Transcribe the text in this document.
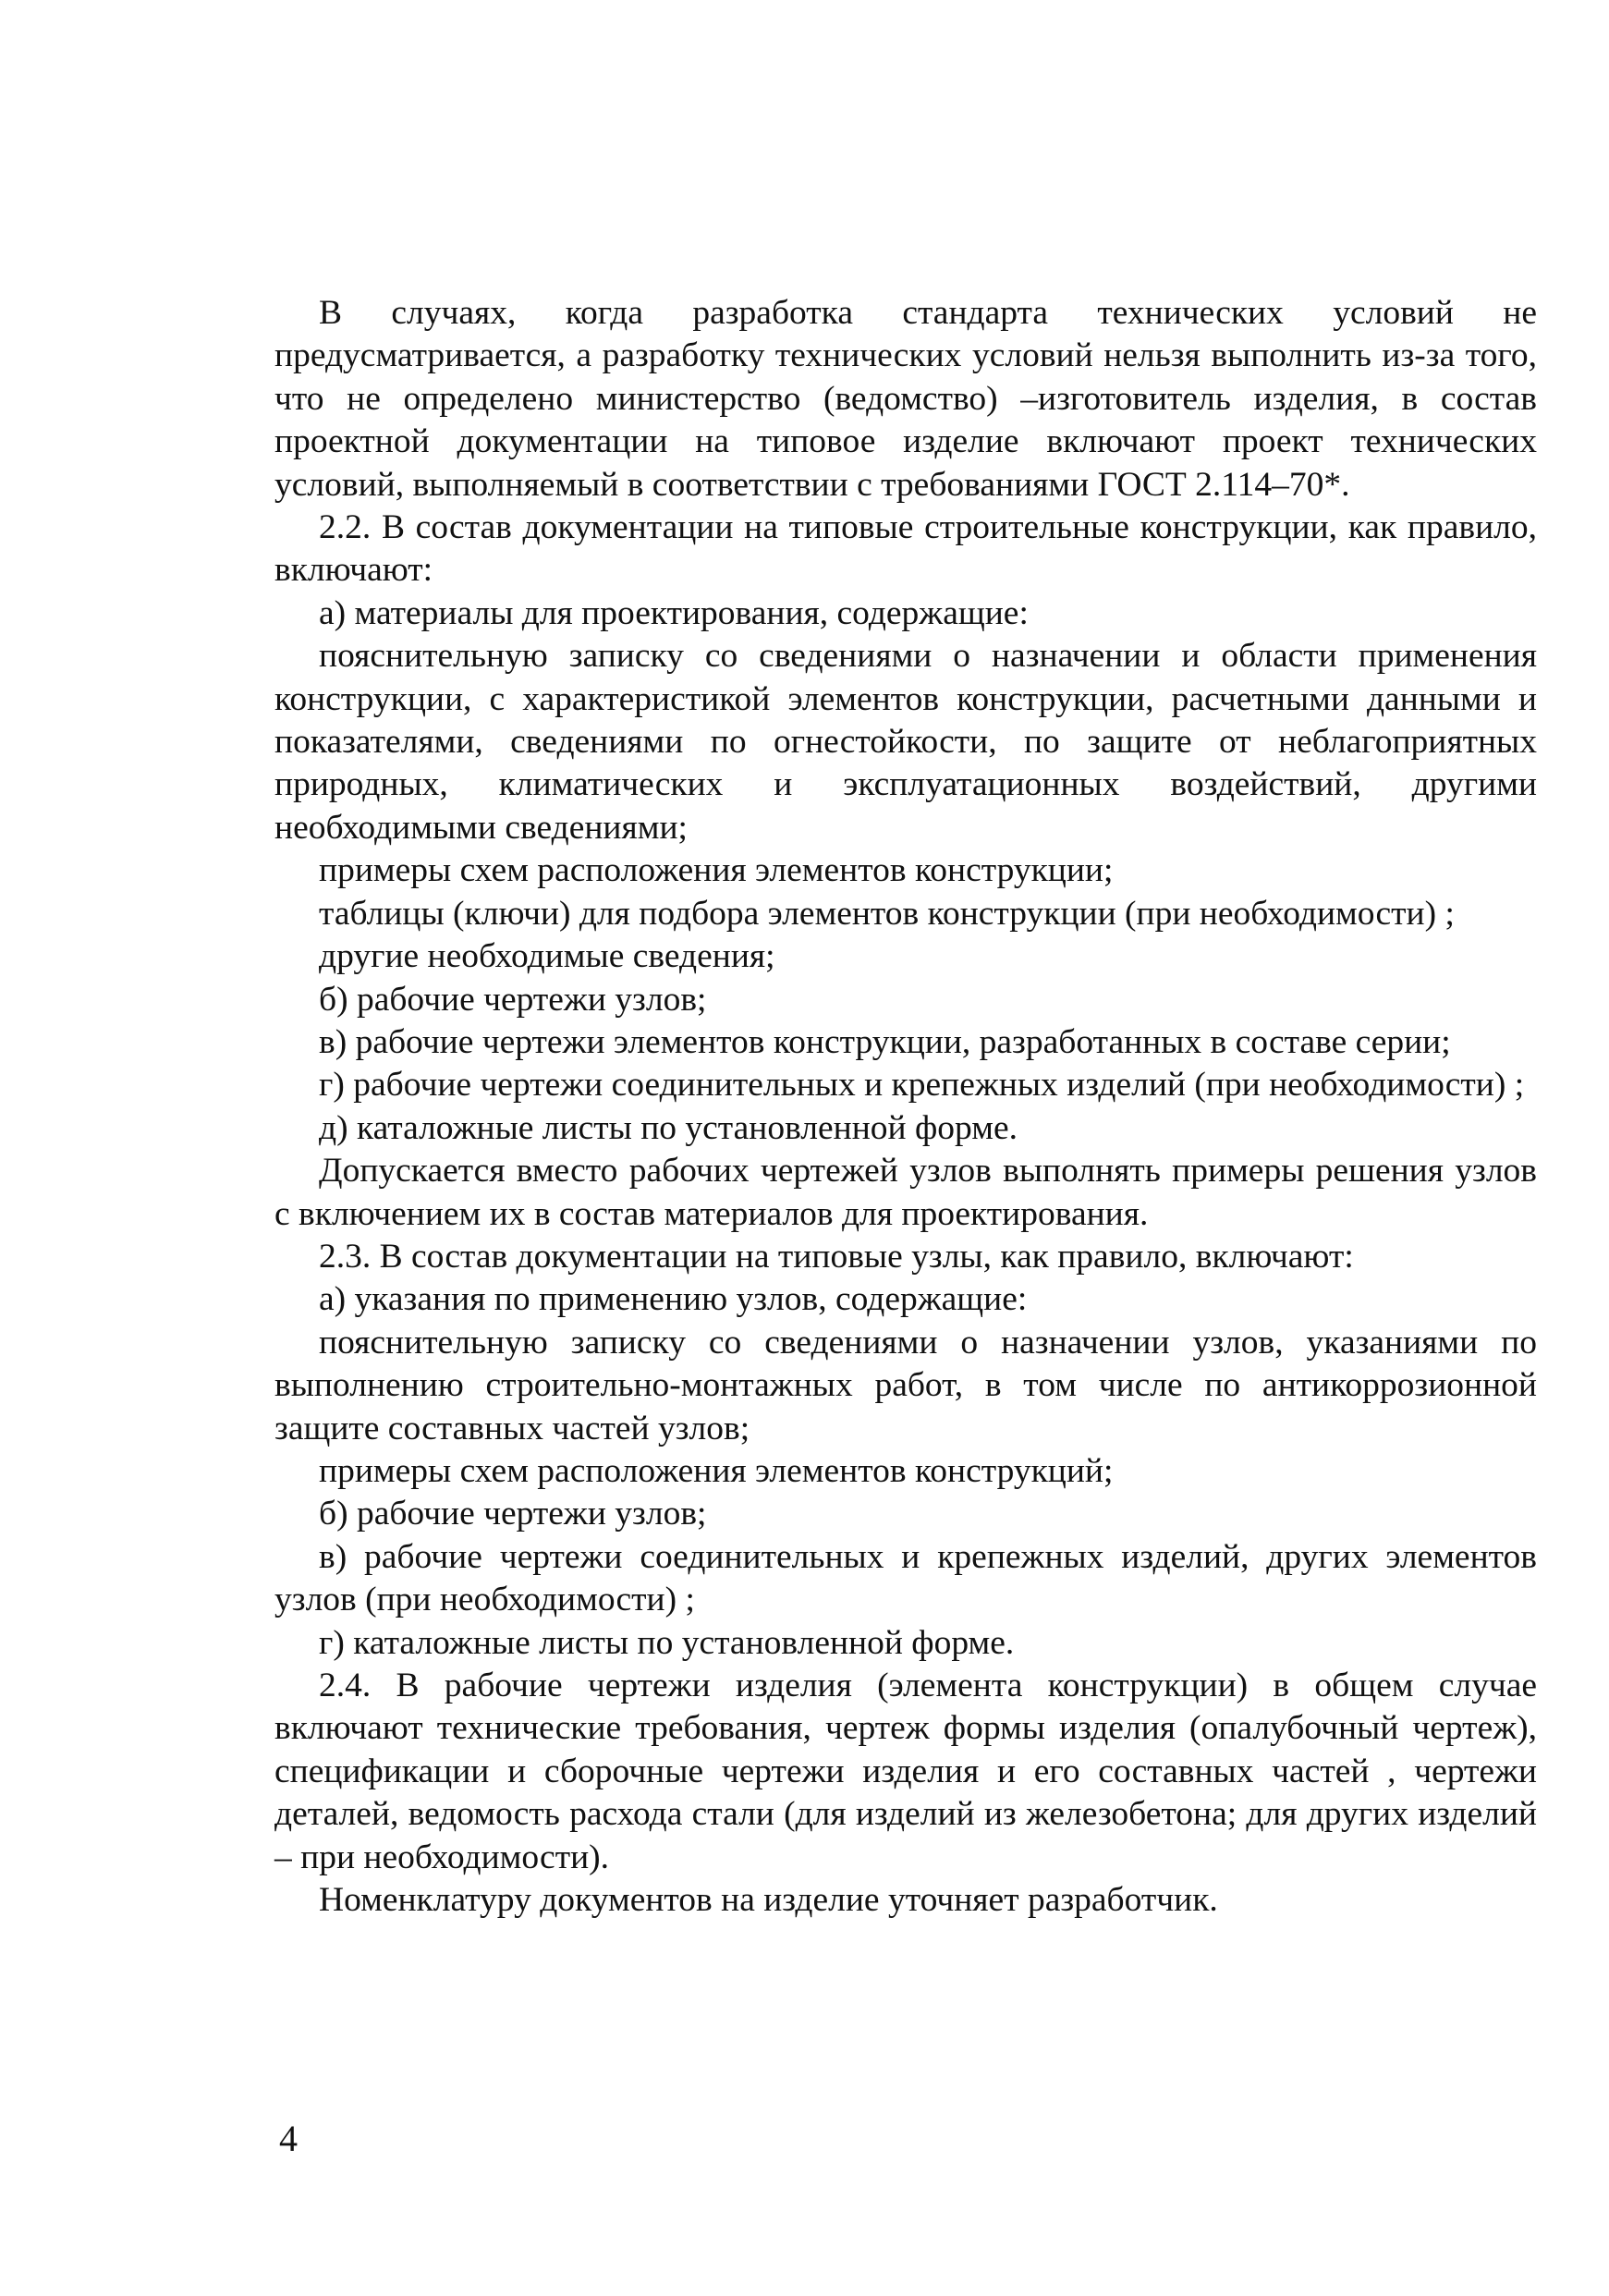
В случаях, когда разработка стандарта технических условий не предусматривается, а разработку технических условий нельзя выполнить из-за того, что не определено министерство (ведомство) –изготовитель изделия, в состав проектной документации на типовое изделие включают проект технических условий, выполняемый в соответствии с требованиями ГОСТ 2.114–70*.

2.2. В состав документации на типовые строительные конструкции, как правило, включают:

а) материалы для проектирования, содержащие:

пояснительную записку со сведениями о назначении и области применения конструкции, с характеристикой элементов конструкции, расчетными данными и показателями, сведениями по огнестойкости, по защите от неблагоприятных природных, климатических и эксплуатационных воздействий, другими необходимыми сведениями;

примеры схем расположения элементов конструкции;

таблицы (ключи) для подбора элементов конструкции (при необходимости) ;

другие необходимые сведения;

б) рабочие чертежи узлов;

в) рабочие чертежи элементов конструкции, разработанных в составе серии;

г) рабочие чертежи соединительных и крепежных изделий (при необходимости) ;

д) каталожные листы по установленной форме.

Допускается вместо рабочих чертежей узлов выполнять примеры решения узлов с включением их в состав материалов для проектирования.

2.3. В состав документации на типовые узлы, как правило, включают:

а) указания по применению узлов, содержащие:

пояснительную записку со сведениями о назначении узлов, указаниями по выполнению строительно-монтажных работ, в том числе по антикоррозионной защите составных частей узлов;

примеры схем расположения элементов конструкций;

б) рабочие чертежи узлов;

в) рабочие чертежи соединительных и крепежных изделий, других элементов узлов (при необходимости) ;

г) каталожные листы по установленной форме.

2.4. В рабочие чертежи изделия (элемента конструкции) в общем случае включают технические требования, чертеж формы изделия (опалубочный чертеж), спецификации и сборочные чертежи изделия и его составных частей , чертежи деталей, ведомость расхода стали (для изделий из железобетона; для других изделий – при необходимости).

Номенклатуру документов на изделие уточняет разработчик.

4
